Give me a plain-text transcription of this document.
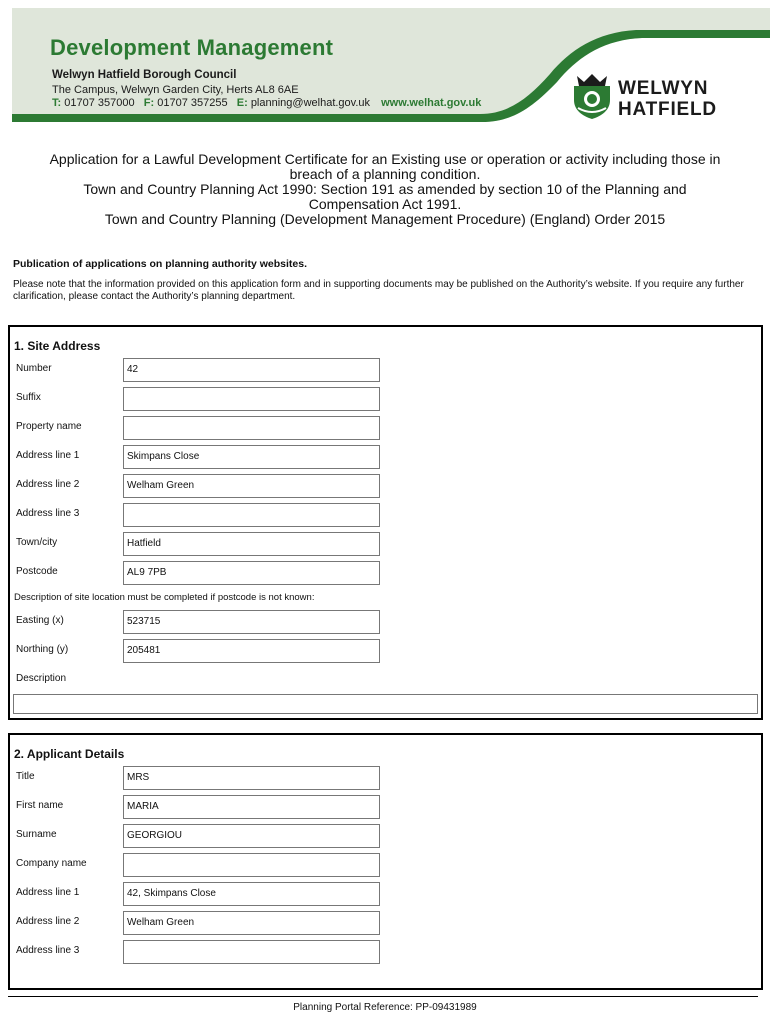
Development Management
Welwyn Hatfield Borough Council
The Campus, Welwyn Garden City, Herts AL8 6AE
T: 01707 357000 F: 01707 357255 E: planning@welhat.gov.uk www.welhat.gov.uk
WELWYN
HATFIELD
Application for a Lawful Development Certificate for an Existing use or operation or activity including those in
breach of a planning condition.
Town and Country Planning Act 1990: Section 191 as amended by section 10 of the Planning and
Compensation Act 1991.
Town and Country Planning (Development Management Procedure) (England) Order 2015
Publication of applications on planning authority websites.
Please note that the information provided on this application form and in supporting documents may be published on the Authority’s website. If you require any further clarification, please contact the Authority’s planning department.
1. Site Address
Number	42
Suffix
Property name
Address line 1	Skimpans Close
Address line 2	Welham Green
Address line 3
Town/city	Hatfield
Postcode	AL9 7PB
Description of site location must be completed if postcode is not known:
Easting (x)	523715
Northing (y)	205481
Description
2. Applicant Details
Title	MRS
First name	MARIA
Surname	GEORGIOU
Company name
Address line 1	42, Skimpans Close
Address line 2	Welham Green
Address line 3
Planning Portal Reference: PP-09431989
